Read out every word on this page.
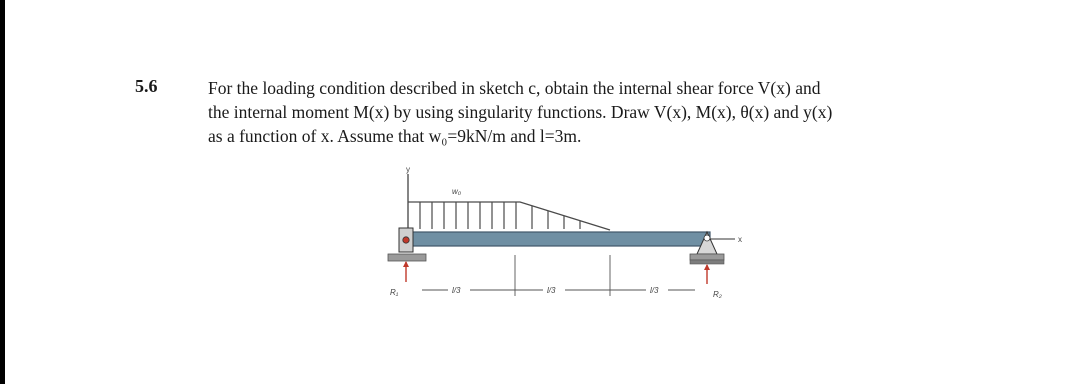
5.6	For the loading condition described in sketch c, obtain the internal shear force V(x) and
the internal moment M(x) by using singularity functions. Draw V(x), M(x), θ(x) and y(x)
as a function of x. Assume that w₀=9kN/m and l=3m.
y
w₀
x
R₁	R₂
l/3	l/3	l/3
